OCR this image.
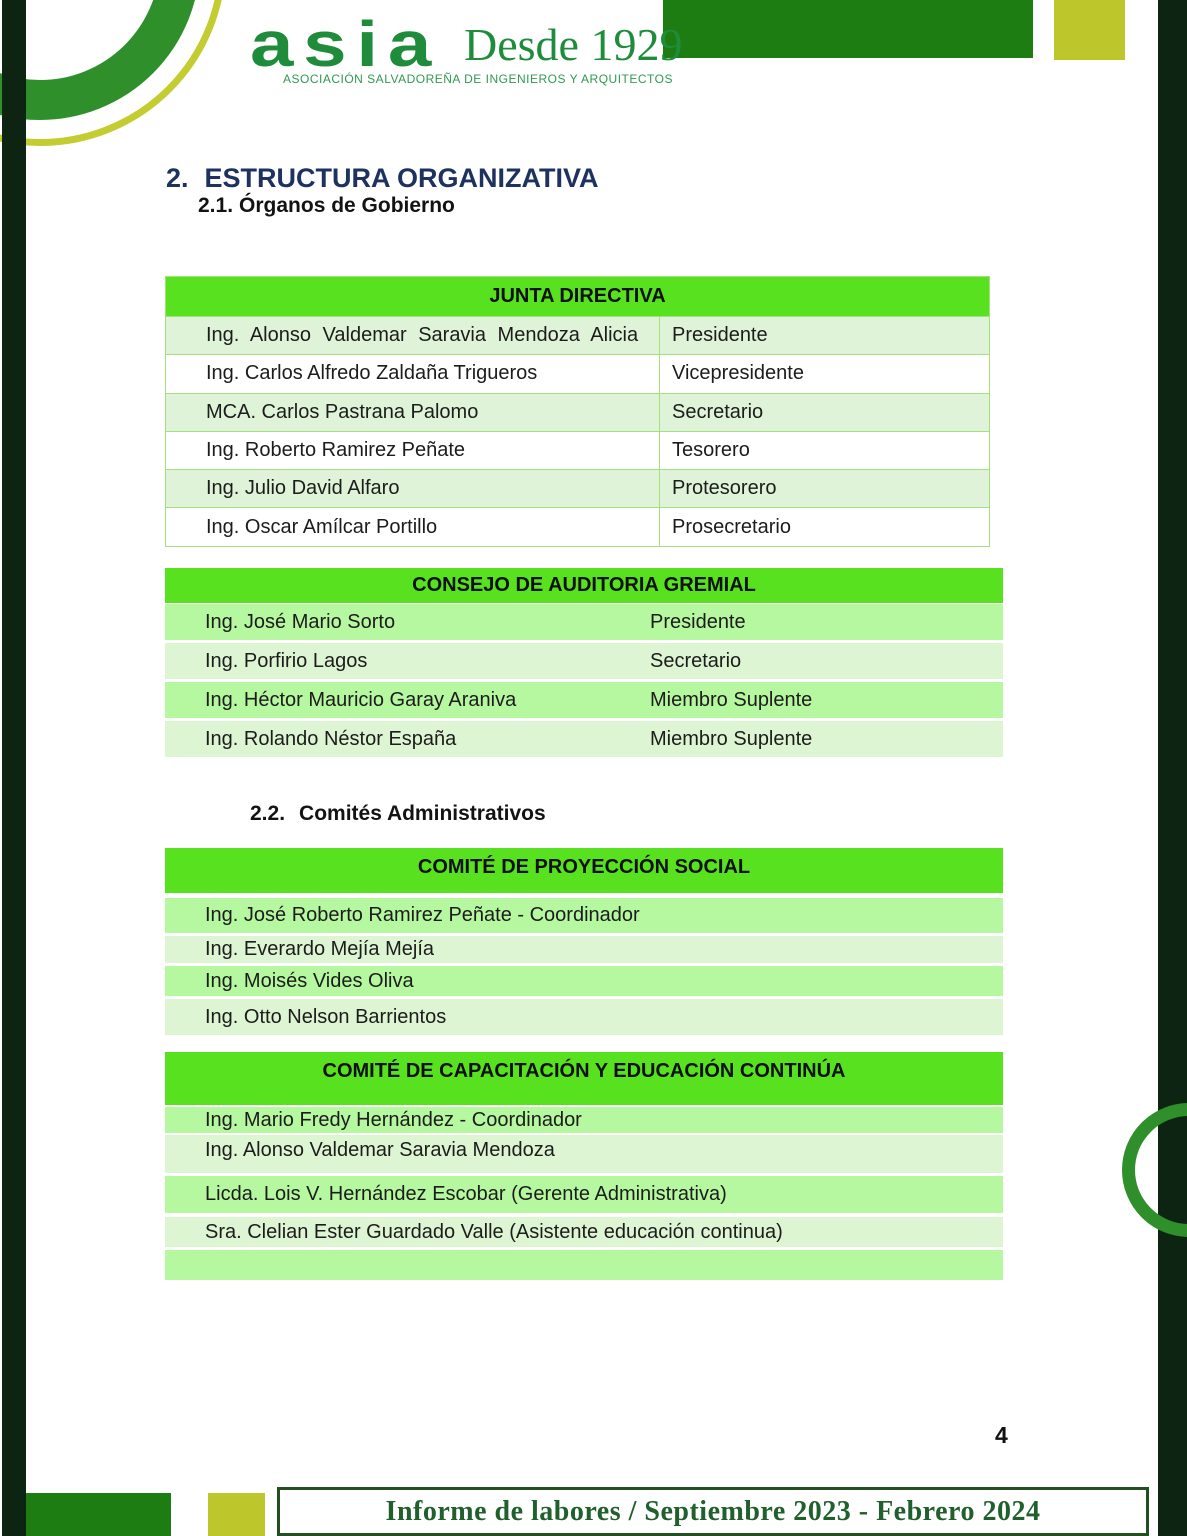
asia Desde 1929
ASOCIACIÓN SALVADOREÑA DE INGENIEROS Y ARQUITECTOS
2. ESTRUCTURA ORGANIZATIVA
2.1. Órganos de Gobierno
JUNTA DIRECTIVA
Ing. Alonso Valdemar Saravia Mendoza Alicia	Presidente
Ing. Carlos Alfredo Zaldaña Trigueros	Vicepresidente
MCA. Carlos Pastrana Palomo	Secretario
Ing. Roberto Ramirez Peñate	Tesorero
Ing. Julio David Alfaro	Protesorero
Ing. Oscar Amílcar Portillo	Prosecretario
CONSEJO DE AUDITORIA GREMIAL
Ing. José Mario Sorto	Presidente
Ing. Porfirio Lagos	Secretario
Ing. Héctor Mauricio Garay Araniva	Miembro Suplente
Ing. Rolando Néstor España	Miembro Suplente
2.2. Comités Administrativos
COMITÉ DE PROYECCIÓN SOCIAL
Ing. José Roberto Ramirez Peñate - Coordinador
Ing. Everardo Mejía Mejía
Ing. Moisés Vides Oliva
Ing. Otto Nelson Barrientos
COMITÉ DE CAPACITACIÓN Y EDUCACIÓN CONTINÚA
Ing. Mario Fredy Hernández - Coordinador
Ing. Alonso Valdemar Saravia Mendoza
Licda. Lois V. Hernández Escobar (Gerente Administrativa)
Sra. Clelian Ester Guardado Valle (Asistente educación continua)
4
Informe de labores / Septiembre 2023 - Febrero 2024
